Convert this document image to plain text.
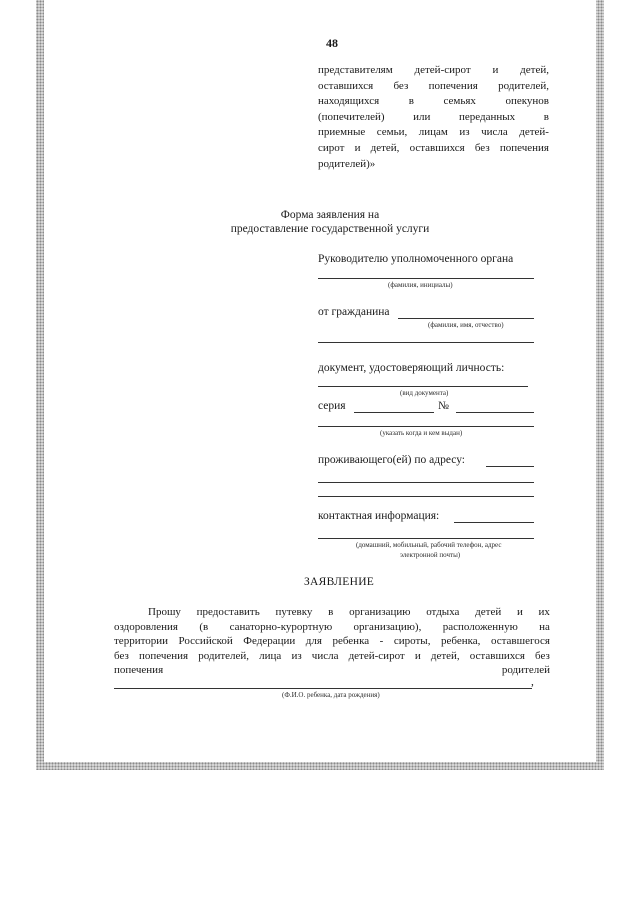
48
представителям детей-сирот и детей,
оставшихся без попечения родителей,
находящихся	в	семьях	опекунов
(попечителей)	или	переданных	в
приемные семьи, лицам из числа детей-
сирот и детей, оставшихся без попечения
родителей)»
Форма заявления на
предоставление государственной услуги
Руководителю уполномоченного органа
(фамилия, инициалы)
от гражданина
(фамилия, имя, отчество)
документ, удостоверяющий личность:
(вид документа)
серия	№
(указать когда и кем выдан)
проживающего(ей) по адресу:
контактная информация:
(домашний, мобильный, рабочий телефон, адрес
электронной почты)
ЗАЯВЛЕНИЕ
Прошу предоставить путевку в организацию отдыха детей и их
оздоровления (в санаторно-курортную организацию), расположенную на
территории Российской Федерации для ребенка - сироты, ребенка, оставшегося
без попечения родителей, лица из числа детей-сирот и детей, оставшихся без
попечения	родителей
,
(Ф.И.О. ребенка, дата рождения)
